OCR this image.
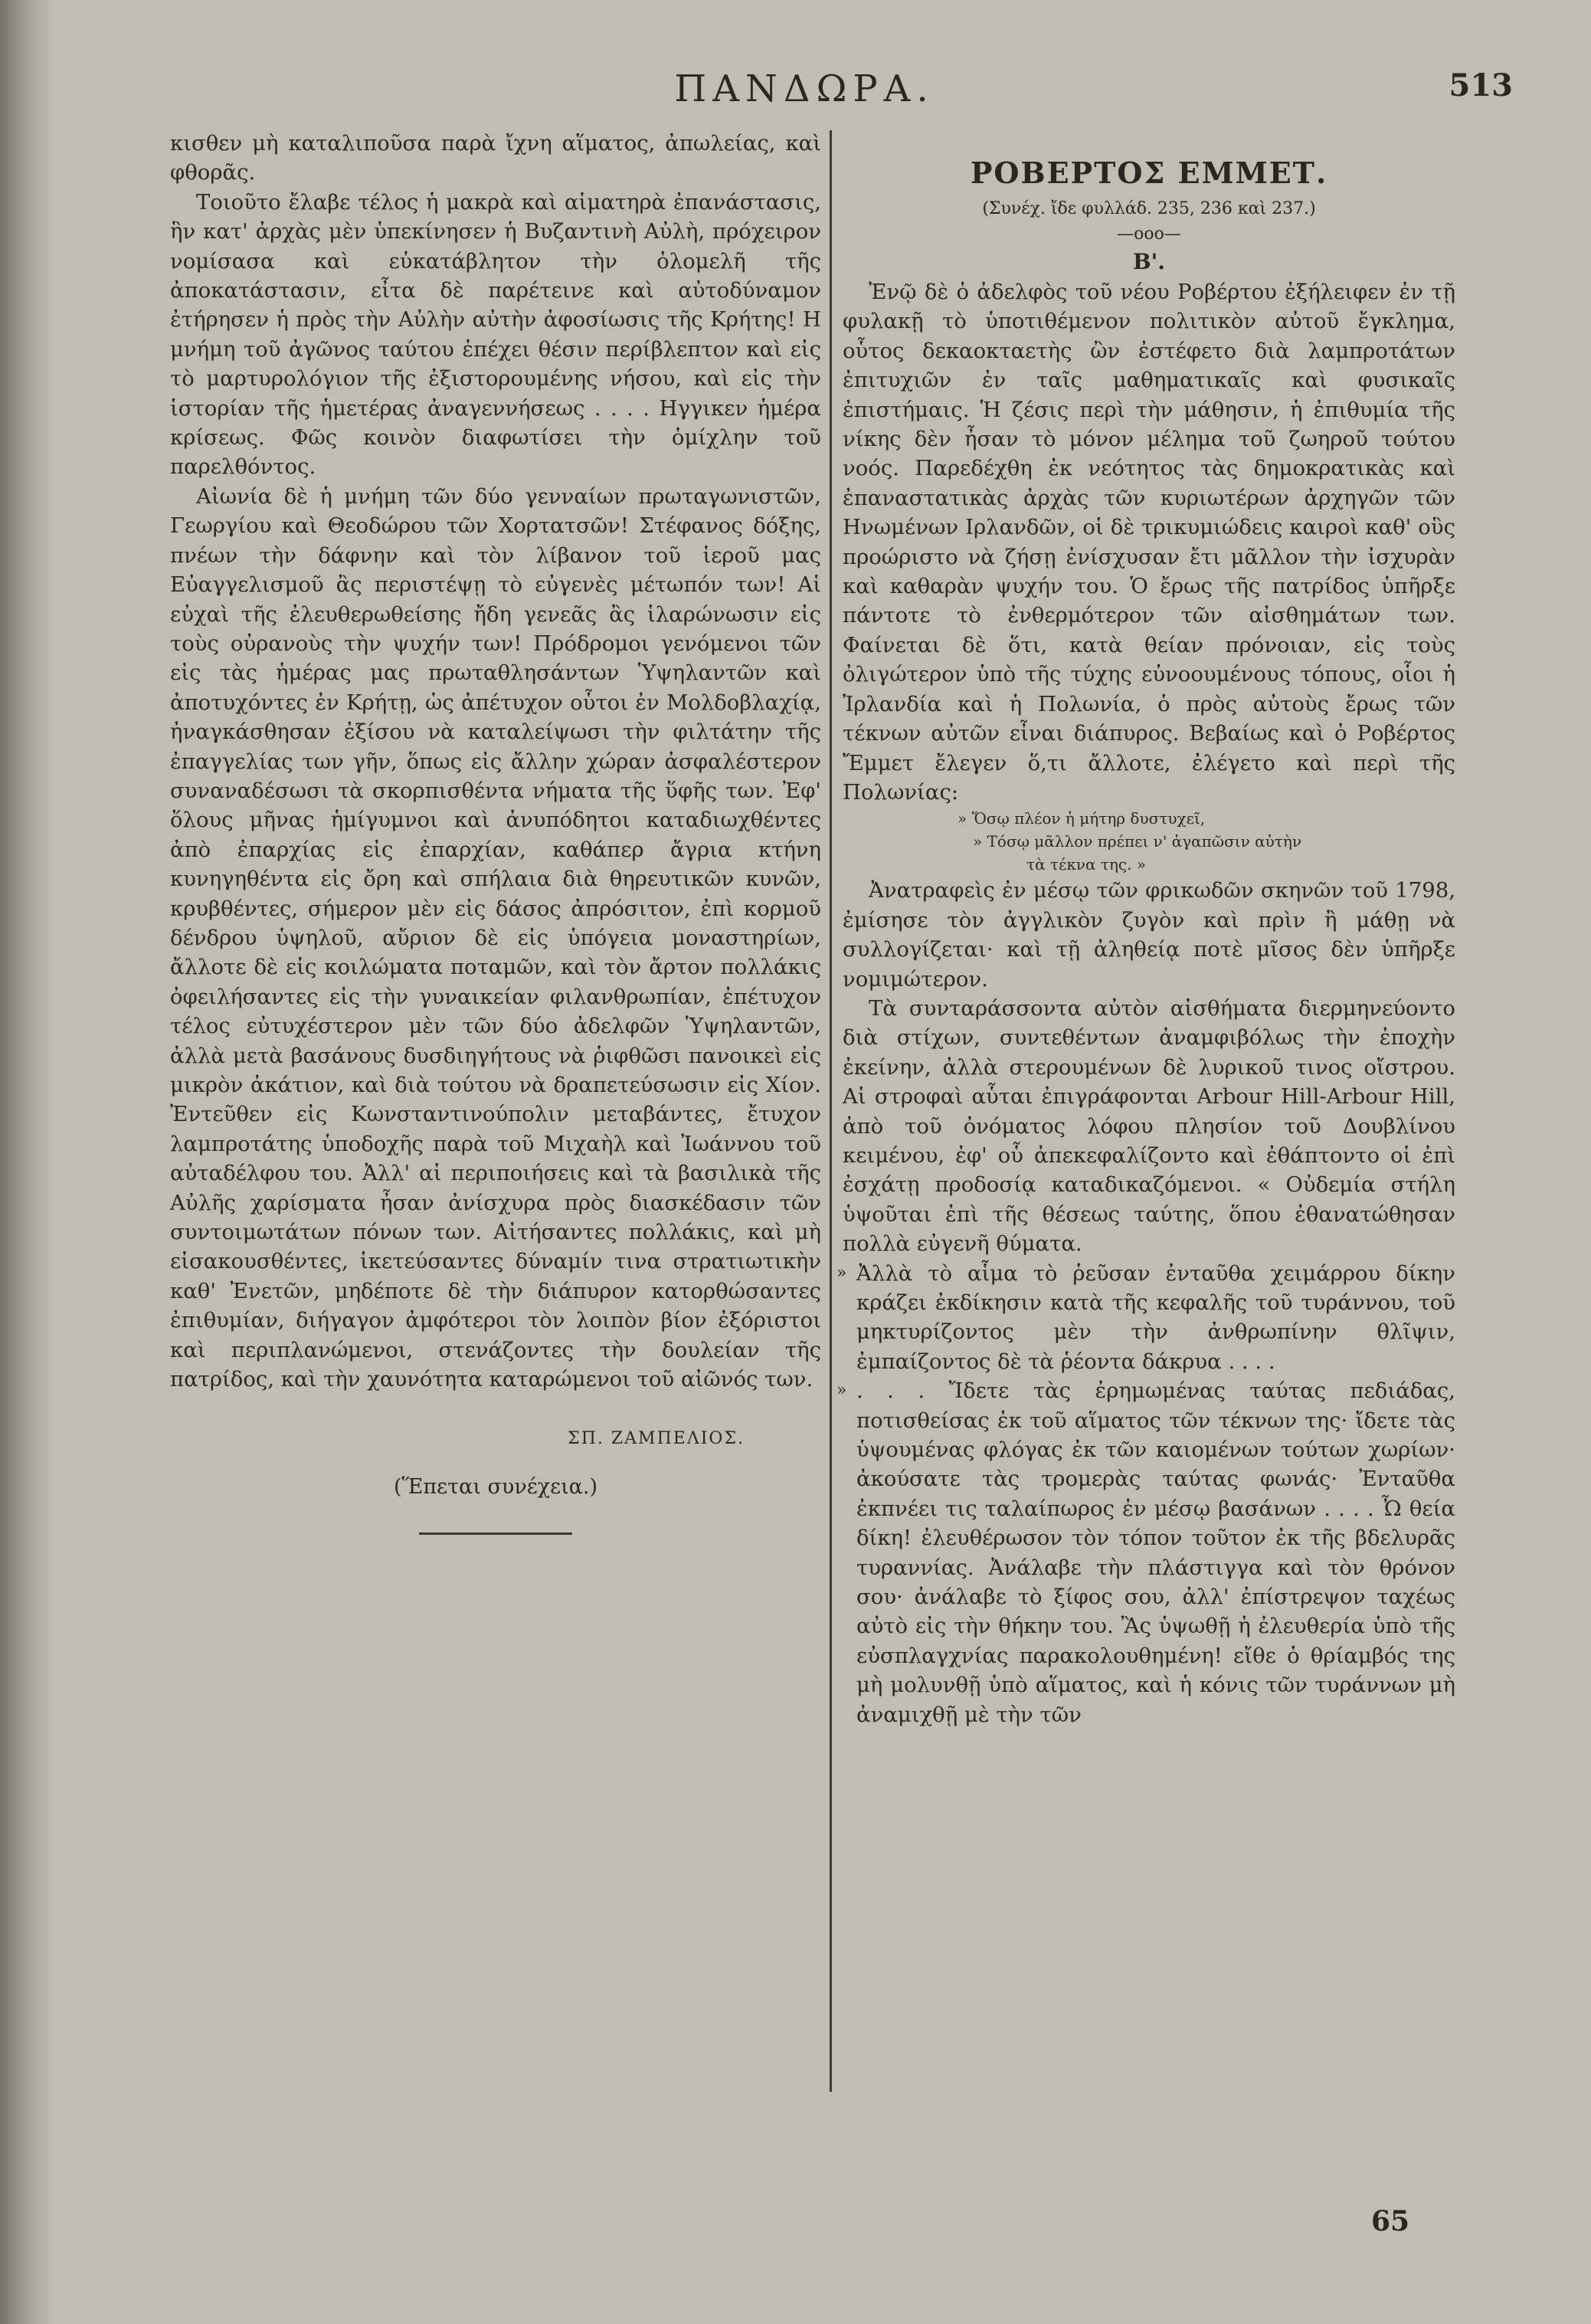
ΠΑΝΔΩΡΑ.	513

κισθεν μὴ καταλιποῦσα παρὰ ἴχνη αἵματος, ἀπωλείας, καὶ φθορᾶς.

Τοιοῦτο ἔλαβε τέλος ἡ μακρὰ καὶ αἱματηρὰ ἐπανάστασις, ἣν κατ' ἀρχὰς μὲν ὑπεκίνησεν ἡ Βυζαντινὴ Αὐλὴ, πρόχειρον νομίσασα καὶ εὐκατάβλητον τὴν ὁλομελῆ τῆς ἀποκατάστασιν, εἶτα δὲ παρέτεινε καὶ αὐτοδύναμον ἐτήρησεν ἡ πρὸς τὴν Αὐλὴν αὐτὴν ἀφοσίωσις τῆς Κρήτης! Η μνήμη τοῦ ἀγῶνος ταύτου ἐπέχει θέσιν περίβλεπτον καὶ εἰς τὸ μαρτυρολόγιον τῆς ἐξιστορουμένης νήσου, καὶ εἰς τὴν ἱστορίαν τῆς ἡμετέρας ἀναγεννήσεως . . . . Ηγγικεν ἡμέρα κρίσεως. Φῶς κοινὸν διαφωτίσει τὴν ὁμίχλην τοῦ παρελθόντος.

Αἰωνία δὲ ἡ μνήμη τῶν δύο γενναίων πρωταγωνιστῶν, Γεωργίου καὶ Θεοδώρου τῶν Χορτατσῶν! Στέφανος δόξης, πνέων τὴν δάφνην καὶ τὸν λίβανον τοῦ ἱεροῦ μας Εὐαγγελισμοῦ ἂς περιστέψῃ τὸ εὐγενὲς μέτωπόν των! Αἱ εὐχαὶ τῆς ἐλευθερωθείσης ἤδη γενεᾶς ἂς ἱλαρώνωσιν εἰς τοὺς οὐρανοὺς τὴν ψυχήν των! Πρόδρομοι γενόμενοι τῶν εἰς τὰς ἡμέρας μας πρωταθλησάντων Ὑψηλαντῶν καὶ ἀποτυχόντες ἐν Κρήτῃ, ὡς ἀπέτυχον οὗτοι ἐν Μολδοβλαχίᾳ, ἠναγκάσθησαν ἐξίσου νὰ καταλείψωσι τὴν φιλτάτην τῆς ἐπαγγελίας των γῆν, ὅπως εἰς ἄλλην χώραν ἀσφαλέστερον συναναδέσωσι τὰ σκορπισθέντα νήματα τῆς ὕφῆς των. Ἐφ' ὅλους μῆνας ἡμίγυμνοι καὶ ἀνυπόδητοι καταδιωχθέντες ἀπὸ ἐπαρχίας εἰς ἐπαρχίαν, καθάπερ ἄγρια κτήνη κυνηγηθέντα εἰς ὄρη καὶ σπήλαια διὰ θηρευτικῶν κυνῶν, κρυβθέντες, σήμερον μὲν εἰς δάσος ἀπρόσιτον, ἐπὶ κορμοῦ δένδρου ὑψηλοῦ, αὔριον δὲ εἰς ὑπόγεια μοναστηρίων, ἄλλοτε δὲ εἰς κοιλώματα ποταμῶν, καὶ τὸν ἄρτον πολλάκις ὀφειλήσαντες εἰς τὴν γυναικείαν φιλανθρωπίαν, ἐπέτυχον τέλος εὐτυχέστερον μὲν τῶν δύο ἀδελφῶν Ὑψηλαντῶν, ἀλλὰ μετὰ βασάνους δυσδιηγήτους νὰ ῥιφθῶσι πανοικεὶ εἰς μικρὸν ἀκάτιον, καὶ διὰ τούτου νὰ δραπετεύσωσιν εἰς Χίον. Ἐντεῦθεν εἰς Κωνσταντινούπολιν μεταβάντες, ἔτυχον λαμπροτάτης ὑποδοχῆς παρὰ τοῦ Μιχαὴλ καὶ Ἰωάννου τοῦ αὐταδέλφου του. Ἀλλ' αἱ περιποιήσεις καὶ τὰ βασιλικὰ τῆς Αὐλῆς χαρίσματα ἦσαν ἀνίσχυρα πρὸς διασκέδασιν τῶν συντοιμωτάτων πόνων των. Αἰτήσαντες πολλάκις, καὶ μὴ εἰσακουσθέντες, ἱκετεύσαντες δύναμίν τινα στρατιωτικὴν καθ' Ἐνετῶν, μηδέποτε δὲ τὴν διάπυρον κατορθώσαντες ἐπιθυμίαν, διήγαγον ἀμφότεροι τὸν λοιπὸν βίον ἐξόριστοι καὶ περιπλανώμενοι, στενάζοντες τὴν δουλείαν τῆς πατρίδος, καὶ τὴν χαυνότητα καταρώμενοι τοῦ αἰῶνός των.

ΣΠ. ΖΑΜΠΕΛΙΟΣ.
(Ἕπεται συνέχεια.)
ΡΟΒΕΡΤΟΣ ΕΜΜΕΤ.
(Συνέχ. ἴδε φυλλάδ. 235, 236 καὶ 237.)
—ooo—
Β'.

Ἐνῷ δὲ ὁ ἀδελφὸς τοῦ νέου Ροβέρτου ἐξήλειφεν ἐν τῇ φυλακῇ τὸ ὑποτιθέμενον πολιτικὸν αὐτοῦ ἔγκλημα, οὗτος δεκαοκταετὴς ὢν ἐστέφετο διὰ λαμπροτάτων ἐπιτυχιῶν ἐν ταῖς μαθηματικαῖς καὶ φυσικαῖς ἐπιστήμαις. Ἡ ζέσις περὶ τὴν μάθησιν, ἡ ἐπιθυμία τῆς νίκης δὲν ἦσαν τὸ μόνον μέλημα τοῦ ζωηροῦ τούτου νοός. Παρεδέχθη ἐκ νεότητος τὰς δημοκρατικὰς καὶ ἐπαναστατικὰς ἀρχὰς τῶν κυριωτέρων ἀρχηγῶν τῶν Ηνωμένων Ιρλανδῶν, οἱ δὲ τρικυμιώδεις καιροὶ καθ' οὓς προώριστο νὰ ζήσῃ ἐνίσχυσαν ἔτι μᾶλλον τὴν ἰσχυρὰν καὶ καθαρὰν ψυχήν του. Ὁ ἔρως τῆς πατρίδος ὑπῆρξε πάντοτε τὸ ἐνθερμότερον τῶν αἰσθημάτων των. Φαίνεται δὲ ὅτι, κατὰ θείαν πρόνοιαν, εἰς τοὺς ὀλιγώτερον ὑπὸ τῆς τύχης εὐνοουμένους τόπους, οἷοι ἡ Ἰρλανδία καὶ ἡ Πολωνία, ὁ πρὸς αὐτοὺς ἔρως τῶν τέκνων αὐτῶν εἶναι διάπυρος. Βεβαίως καὶ ὁ Ροβέρτος Ἔμμετ ἔλεγεν ὅ,τι ἄλλοτε, ἐλέγετο καὶ περὶ τῆς Πολωνίας:

» Ὅσῳ πλέον ἡ μήτηρ δυστυχεῖ,
» Τόσῳ μᾶλλον πρέπει ν' ἀγαπῶσιν αὐτὴν
τὰ τέκνα της. »

Ἀνατραφεὶς ἐν μέσῳ τῶν φρικωδῶν σκηνῶν τοῦ 1798, ἐμίσησε τὸν ἀγγλικὸν ζυγὸν καὶ πρὶν ἢ μάθῃ νὰ συλλογίζεται· καὶ τῇ ἀληθείᾳ ποτὲ μῖσος δὲν ὑπῆρξε νομιμώτερον.

Τὰ συνταράσσοντα αὐτὸν αἰσθήματα διερμηνεύοντο διὰ στίχων, συντεθέντων ἀναμφιβόλως τὴν ἐποχὴν ἐκείνην, ἀλλὰ στερουμένων δὲ λυρικοῦ τινος οἴστρου. Αἱ στροφαὶ αὗται ἐπιγράφονται Arbour Hill-Arbour Hill, ἀπὸ τοῦ ὀνόματος λόφου πλησίον τοῦ Δουβλίνου κειμένου, ἐφ' οὗ ἀπεκεφαλίζοντο καὶ ἐθάπτοντο οἱ ἐπὶ ἐσχάτῃ προδοσίᾳ καταδικαζόμενοι. « Οὐδεμία στήλη ὑψοῦται ἐπὶ τῆς θέσεως ταύτης, ὅπου ἐθανατώθησαν πολλὰ εὐγενῆ θύματα.

» Ἀλλὰ τὸ αἷμα τὸ ῥεῦσαν ἐνταῦθα χειμάρρου δίκην κράζει ἐκδίκησιν κατὰ τῆς κεφαλῆς τοῦ τυράννου, τοῦ μηκτυρίζοντος μὲν τὴν ἀνθρωπίνην θλῖψιν, ἐμπαίζοντος δὲ τὰ ῥέοντα δάκρυα . . . .

» . . . Ἴδετε τὰς ἐρημωμένας ταύτας πεδιάδας, ποτισθείσας ἐκ τοῦ αἵματος τῶν τέκνων της· ἴδετε τὰς ὑψουμένας φλόγας ἐκ τῶν καιομένων τούτων χωρίων· ἀκούσατε τὰς τρομερὰς ταύτας φωνάς· Ἐνταῦθα ἐκπνέει τις ταλαίπωρος ἐν μέσῳ βασάνων . . . . Ὦ θεία δίκη! ἐλευθέρωσον τὸν τόπον τοῦτον ἐκ τῆς βδελυρᾶς τυραννίας. Ἀνάλαβε τὴν πλάστιγγα καὶ τὸν θρόνον σου· ἀνάλαβε τὸ ξίφος σου, ἀλλ' ἐπίστρεψον ταχέως αὐτὸ εἰς τὴν θήκην του. Ἂς ὑψωθῇ ἡ ἐλευθερία ὑπὸ τῆς εὐσπλαγχνίας παρακολουθημένη! εἴθε ὁ θρίαμβός της μὴ μολυνθῇ ὑπὸ αἵματος, καὶ ἡ κόνις τῶν τυράννων μὴ ἀναμιχθῇ μὲ τὴν τῶν

65
